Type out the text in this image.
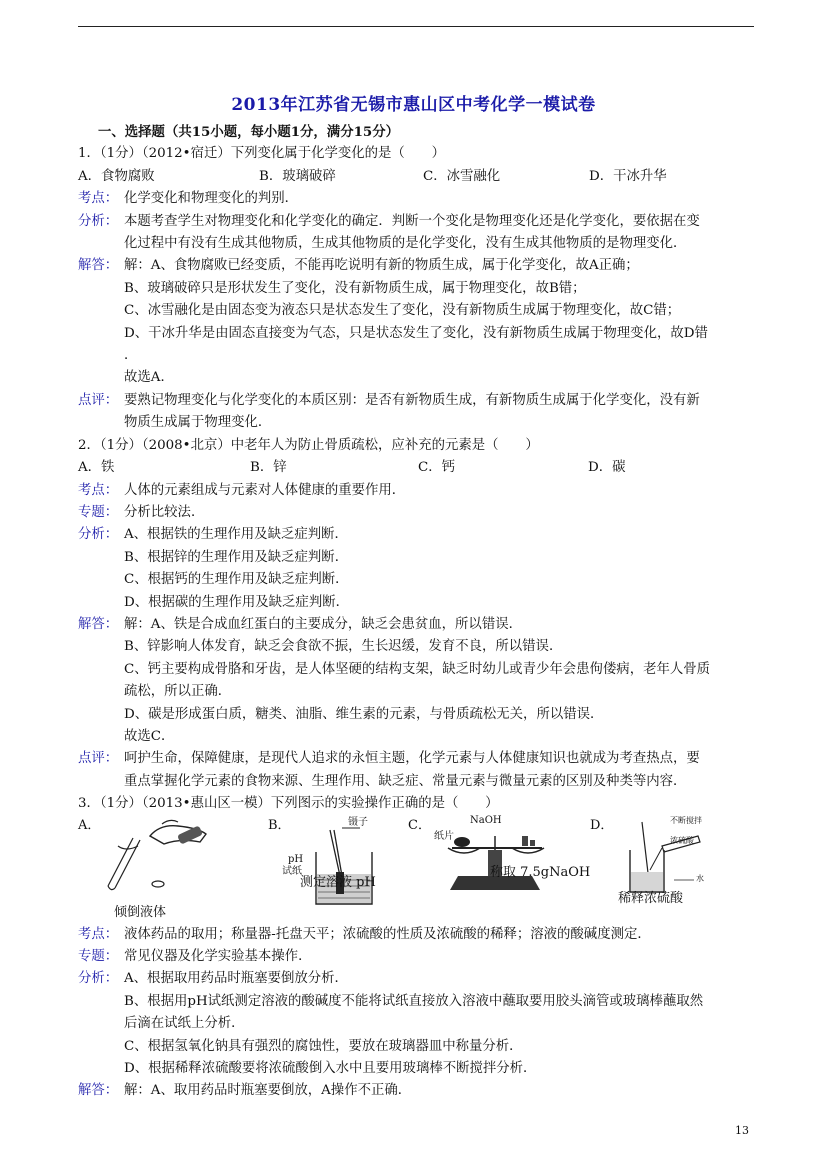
2013年江苏省无锡市惠山区中考化学一模试卷
一、选择题（共15小题，每小题1分，满分15分）
1．（1分）（2012•宿迁）下列变化属于化学变化的是（　　）
A．食物腐败	B．玻璃破碎	C．冰雪融化	D．干冰升华
考点： 化学变化和物理变化的判别．
分析： 本题考查学生对物理变化和化学变化的确定．判断一个变化是物理变化还是化学变化，要依据在变
化过程中有没有生成其他物质，生成其他物质的是化学变化，没有生成其他物质的是物理变化．
解答： 解：A、食物腐败已经变质，不能再吃说明有新的物质生成，属于化学变化，故A正确；
B、玻璃破碎只是形状发生了变化，没有新物质生成，属于物理变化，故B错；
C、冰雪融化是由固态变为液态只是状态发生了变化，没有新物质生成属于物理变化，故C错；
D、干冰升华是由固态直接变为气态，只是状态发生了变化，没有新物质生成属于物理变化，故D错
．
故选A．
点评： 要熟记物理变化与化学变化的本质区别：是否有新物质生成，有新物质生成属于化学变化，没有新
物质生成属于物理变化．
2．（1分）（2008•北京）中老年人为防止骨质疏松，应补充的元素是（　　）
A．铁	B．锌	C．钙	D．碳
考点： 人体的元素组成与元素对人体健康的重要作用．
专题： 分析比较法．
分析： A、根据铁的生理作用及缺乏症判断．
B、根据锌的生理作用及缺乏症判断．
C、根据钙的生理作用及缺乏症判断．
D、根据碳的生理作用及缺乏症判断．
解答： 解：A、铁是合成血红蛋白的主要成分，缺乏会患贫血，所以错误．
B、锌影响人体发育，缺乏会食欲不振，生长迟缓，发育不良，所以错误．
C、钙主要构成骨胳和牙齿，是人体坚硬的结构支架，缺乏时幼儿或青少年会患佝偻病，老年人骨质
疏松，所以正确．
D、碳是形成蛋白质，糖类、油脂、维生素的元素，与骨质疏松无关，所以错误．
故选C．
点评： 呵护生命，保障健康，是现代人追求的永恒主题，化学元素与人体健康知识也就成为考查热点，要
重点掌握化学元素的食物来源、生理作用、缺乏症、常量元素与微量元素的区别及种类等内容．
3．（1分）（2013•惠山区一模）下列图示的实验操作正确的是（　　）
A．
倾倒液体
B．	镊子
pH
试纸
测定溶液 pH
C．	NaOH
纸片
称取 7.5gNaOH
D．	不断搅拌
浓硫酸
水
稀释浓硫酸
考点： 液体药品的取用；称量器-托盘天平；浓硫酸的性质及浓硫酸的稀释；溶液的酸碱度测定．
专题： 常见仪器及化学实验基本操作．
分析： A、根据取用药品时瓶塞要倒放分析．
B、根据用pH试纸测定溶液的酸碱度不能将试纸直接放入溶液中蘸取要用胶头滴管或玻璃棒蘸取然
后滴在试纸上分析．
C、根据氢氧化钠具有强烈的腐蚀性，要放在玻璃器皿中称量分析．
D、根据稀释浓硫酸要将浓硫酸倒入水中且要用玻璃棒不断搅拌分析．
解答： 解：A、取用药品时瓶塞要倒放，A操作不正确．
13
